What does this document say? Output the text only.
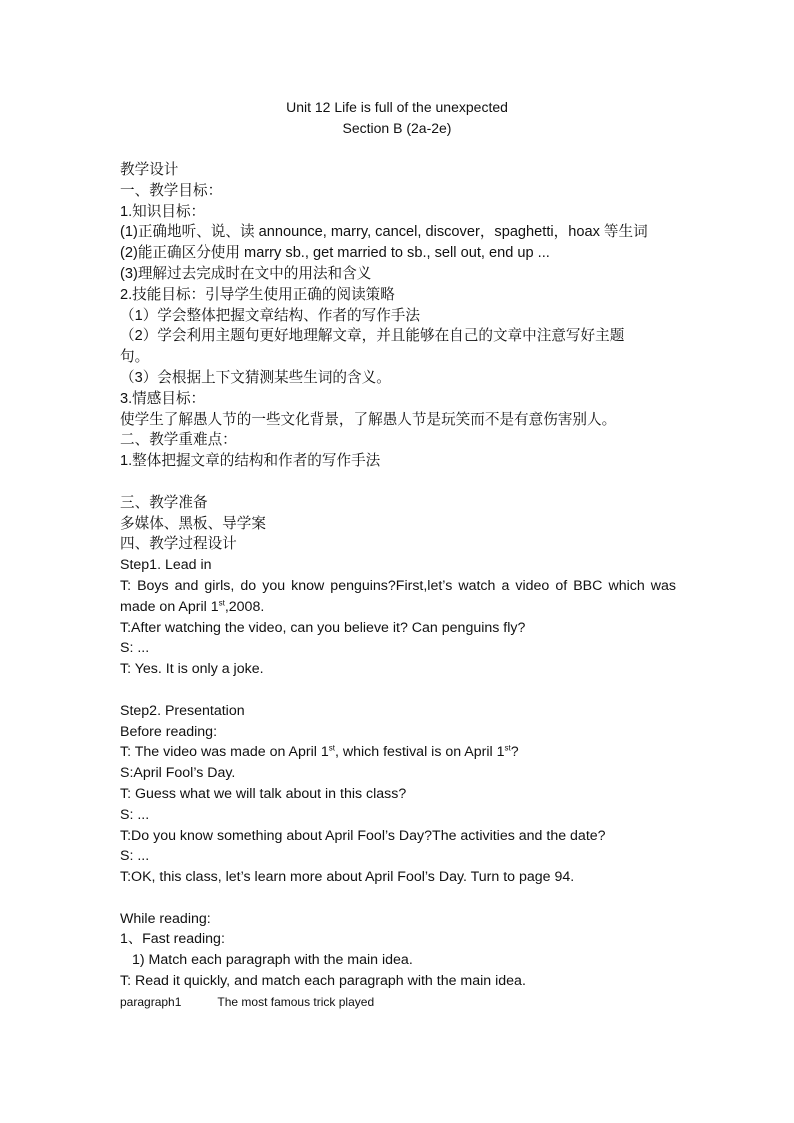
Unit 12 Life is full of the unexpected
Section B (2a-2e)
教学设计
一、教学目标：
1.知识目标：
(1)正确地听、说、读 announce, marry, cancel, discover，spaghetti，hoax 等生词
(2)能正确区分使用 marry sb., get married to sb., sell out, end up ...
(3)理解过去完成时在文中的用法和含义
2.技能目标：引导学生使用正确的阅读策略
（1）学会整体把握文章结构、作者的写作手法
（2）学会利用主题句更好地理解文章，并且能够在自己的文章中注意写好主题
句。
（3）会根据上下文猜测某些生词的含义。
3.情感目标：
使学生了解愚人节的一些文化背景，了解愚人节是玩笑而不是有意伤害别人。
二、教学重难点：
1.整体把握文章的结构和作者的写作手法
三、教学准备
多媒体、黑板、导学案
四、教学过程设计
Step1. Lead in
T: Boys and girls, do you know penguins?First,let’s watch a video of BBC which was
made on April 1st,2008.
T:After watching the video, can you believe it? Can penguins fly?
S: ...
T: Yes. It is only a joke.
Step2. Presentation
Before reading:
T: The video was made on April 1st, which festival is on April 1st?
S:April Fool’s Day.
T: Guess what we will talk about in this class?
S: ...
T:Do you know something about April Fool’s Day?The activities and the date?
S: ...
T:OK, this class, let’s learn more about April Fool’s Day. Turn to page 94.
While reading:
1、Fast reading:
1) Match each paragraph with the main idea.
T: Read it quickly, and match each paragraph with the main idea.
paragraph1	The most famous trick played
